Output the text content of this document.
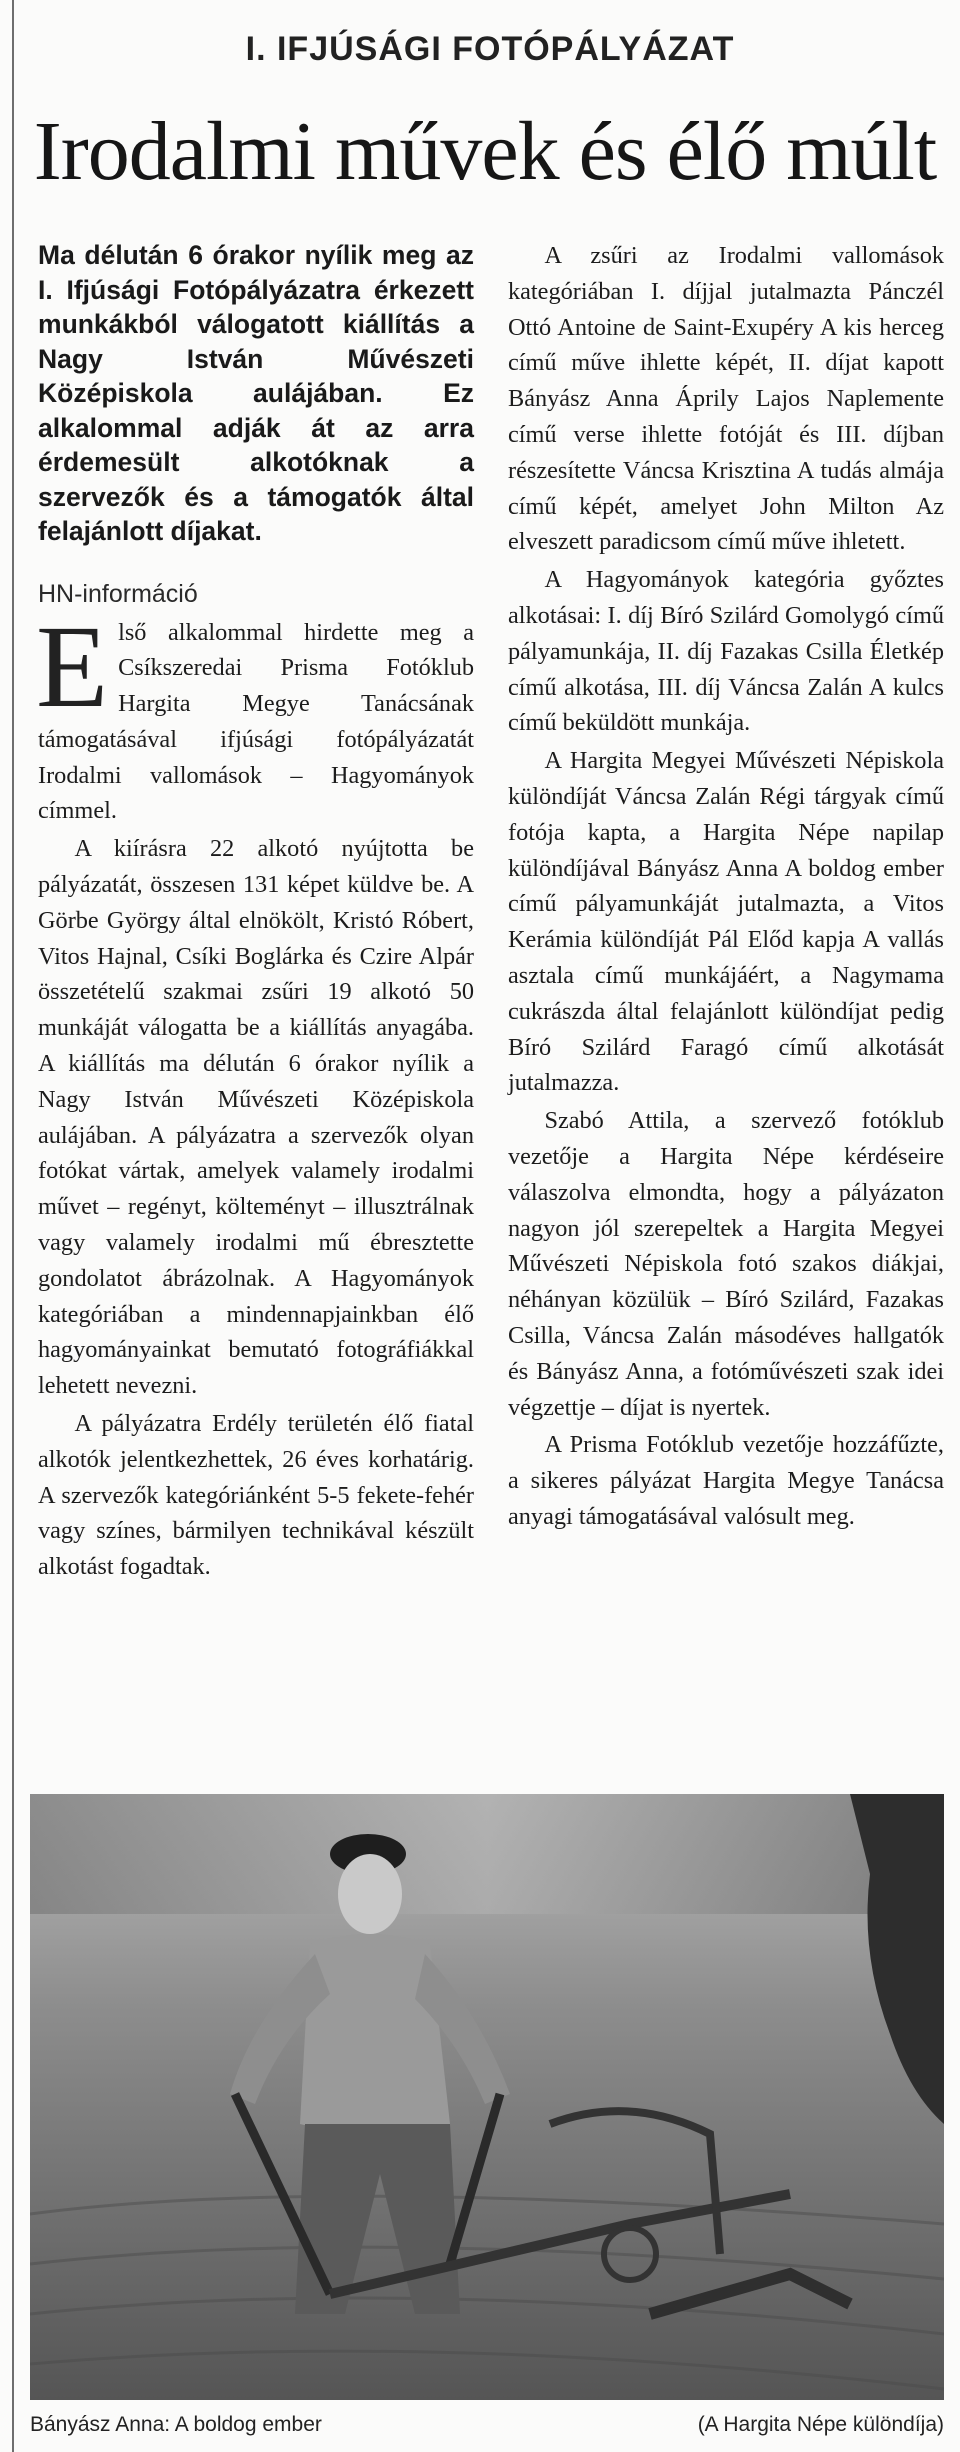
I. IFJÚSÁGI FOTÓPÁLYÁZAT
Irodalmi művek és élő múlt

Ma délután 6 órakor nyílik meg az I. Ifjúsági Fotópályázatra érkezett munkákból válogatott kiállítás a Nagy István Művészeti Középiskola aulájában. Ez alkalommal adják át az arra érdemesült alkotóknak a szervezők és a támogatók által felajánlott díjakat.

HN-információ

Első alkalommal hirdette meg a Csíkszeredai Prisma Fotóklub Hargita Megye Tanácsának támogatásával ifjúsági fotópályázatát Irodalmi vallomások – Hagyományok címmel.

A kiírásra 22 alkotó nyújtotta be pályázatát, összesen 131 képet küldve be. A Görbe György által elnökölt, Kristó Róbert, Vitos Hajnal, Csíki Boglárka és Czire Alpár összetételű szakmai zsűri 19 alkotó 50 munkáját válogatta be a kiállítás anyagába. A kiállítás ma délután 6 órakor nyílik a Nagy István Művészeti Középiskola aulájában. A pályázatra a szervezők olyan fotókat vártak, amelyek valamely irodalmi művet – regényt, költeményt – illusztrálnak vagy valamely irodalmi mű ébresztette gondolatot ábrázolnak. A Hagyományok kategóriában a mindennapjainkban élő hagyományainkat bemutató fotográfiákkal lehetett nevezni.

A pályázatra Erdély területén élő fiatal alkotók jelentkezhettek, 26 éves korhatárig. A szervezők kategóriánként 5-5 fekete-fehér vagy színes, bármilyen technikával készült alkotást fogadtak.

A zsűri az Irodalmi vallomások kategóriában I. díjjal jutalmazta Pánczél Ottó Antoine de Saint-Exupéry A kis herceg című műve ihlette képét, II. díjat kapott Bányász Anna Áprily Lajos Naplemente című verse ihlette fotóját és III. díjban részesítette Váncsa Krisztina A tudás almája című képét, amelyet John Milton Az elveszett paradicsom című műve ihletett.

A Hagyományok kategória győztes alkotásai: I. díj Bíró Szilárd Gomolygó című pályamunkája, II. díj Fazakas Csilla Életkép című alkotása, III. díj Váncsa Zalán A kulcs című beküldött munkája.

A Hargita Megyei Művészeti Népiskola különdíját Váncsa Zalán Régi tárgyak című fotója kapta, a Hargita Népe napilap különdíjával Bányász Anna A boldog ember című pályamunkáját jutalmazta, a Vitos Kerámia különdíját Pál Előd kapja A vallás asztala című munkájáért, a Nagymama cukrászda által felajánlott különdíjat pedig Bíró Szilárd Faragó című alkotását jutalmazza.

Szabó Attila, a szervező fotóklub vezetője a Hargita Népe kérdéseire válaszolva elmondta, hogy a pályázaton nagyon jól szerepeltek a Hargita Megyei Művészeti Népiskola fotó szakos diákjai, néhányan közülük – Bíró Szilárd, Fazakas Csilla, Váncsa Zalán másodéves hallgatók és Bányász Anna, a fotóművészeti szak idei végzettje – díjat is nyertek.

A Prisma Fotóklub vezetője hozzáfűzte, a sikeres pályázat Hargita Megye Tanácsa anyagi támogatásával valósult meg.

Bányász Anna: A boldog ember	(A Hargita Népe különdíja)
